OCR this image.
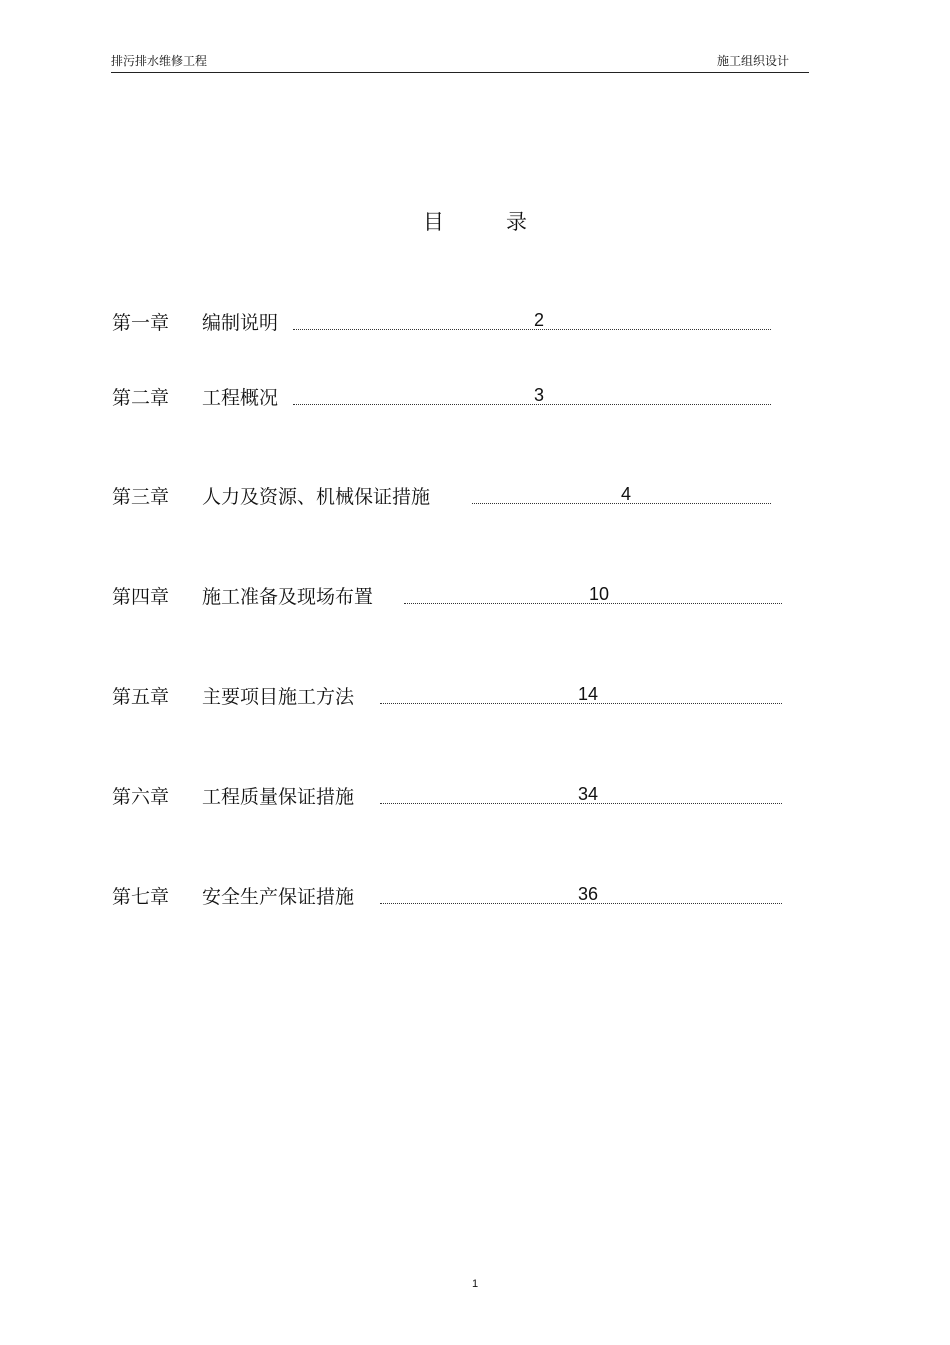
排污排水维修工程	施工组织设计
目	录
第一章 编制说明	2
第二章 工程概况	3
第三章 人力及资源、机械保证措施	4
第四章 施工准备及现场布置	10
第五章 主要项目施工方法	14
第六章 工程质量保证措施	34
第七章 安全生产保证措施	36
1
